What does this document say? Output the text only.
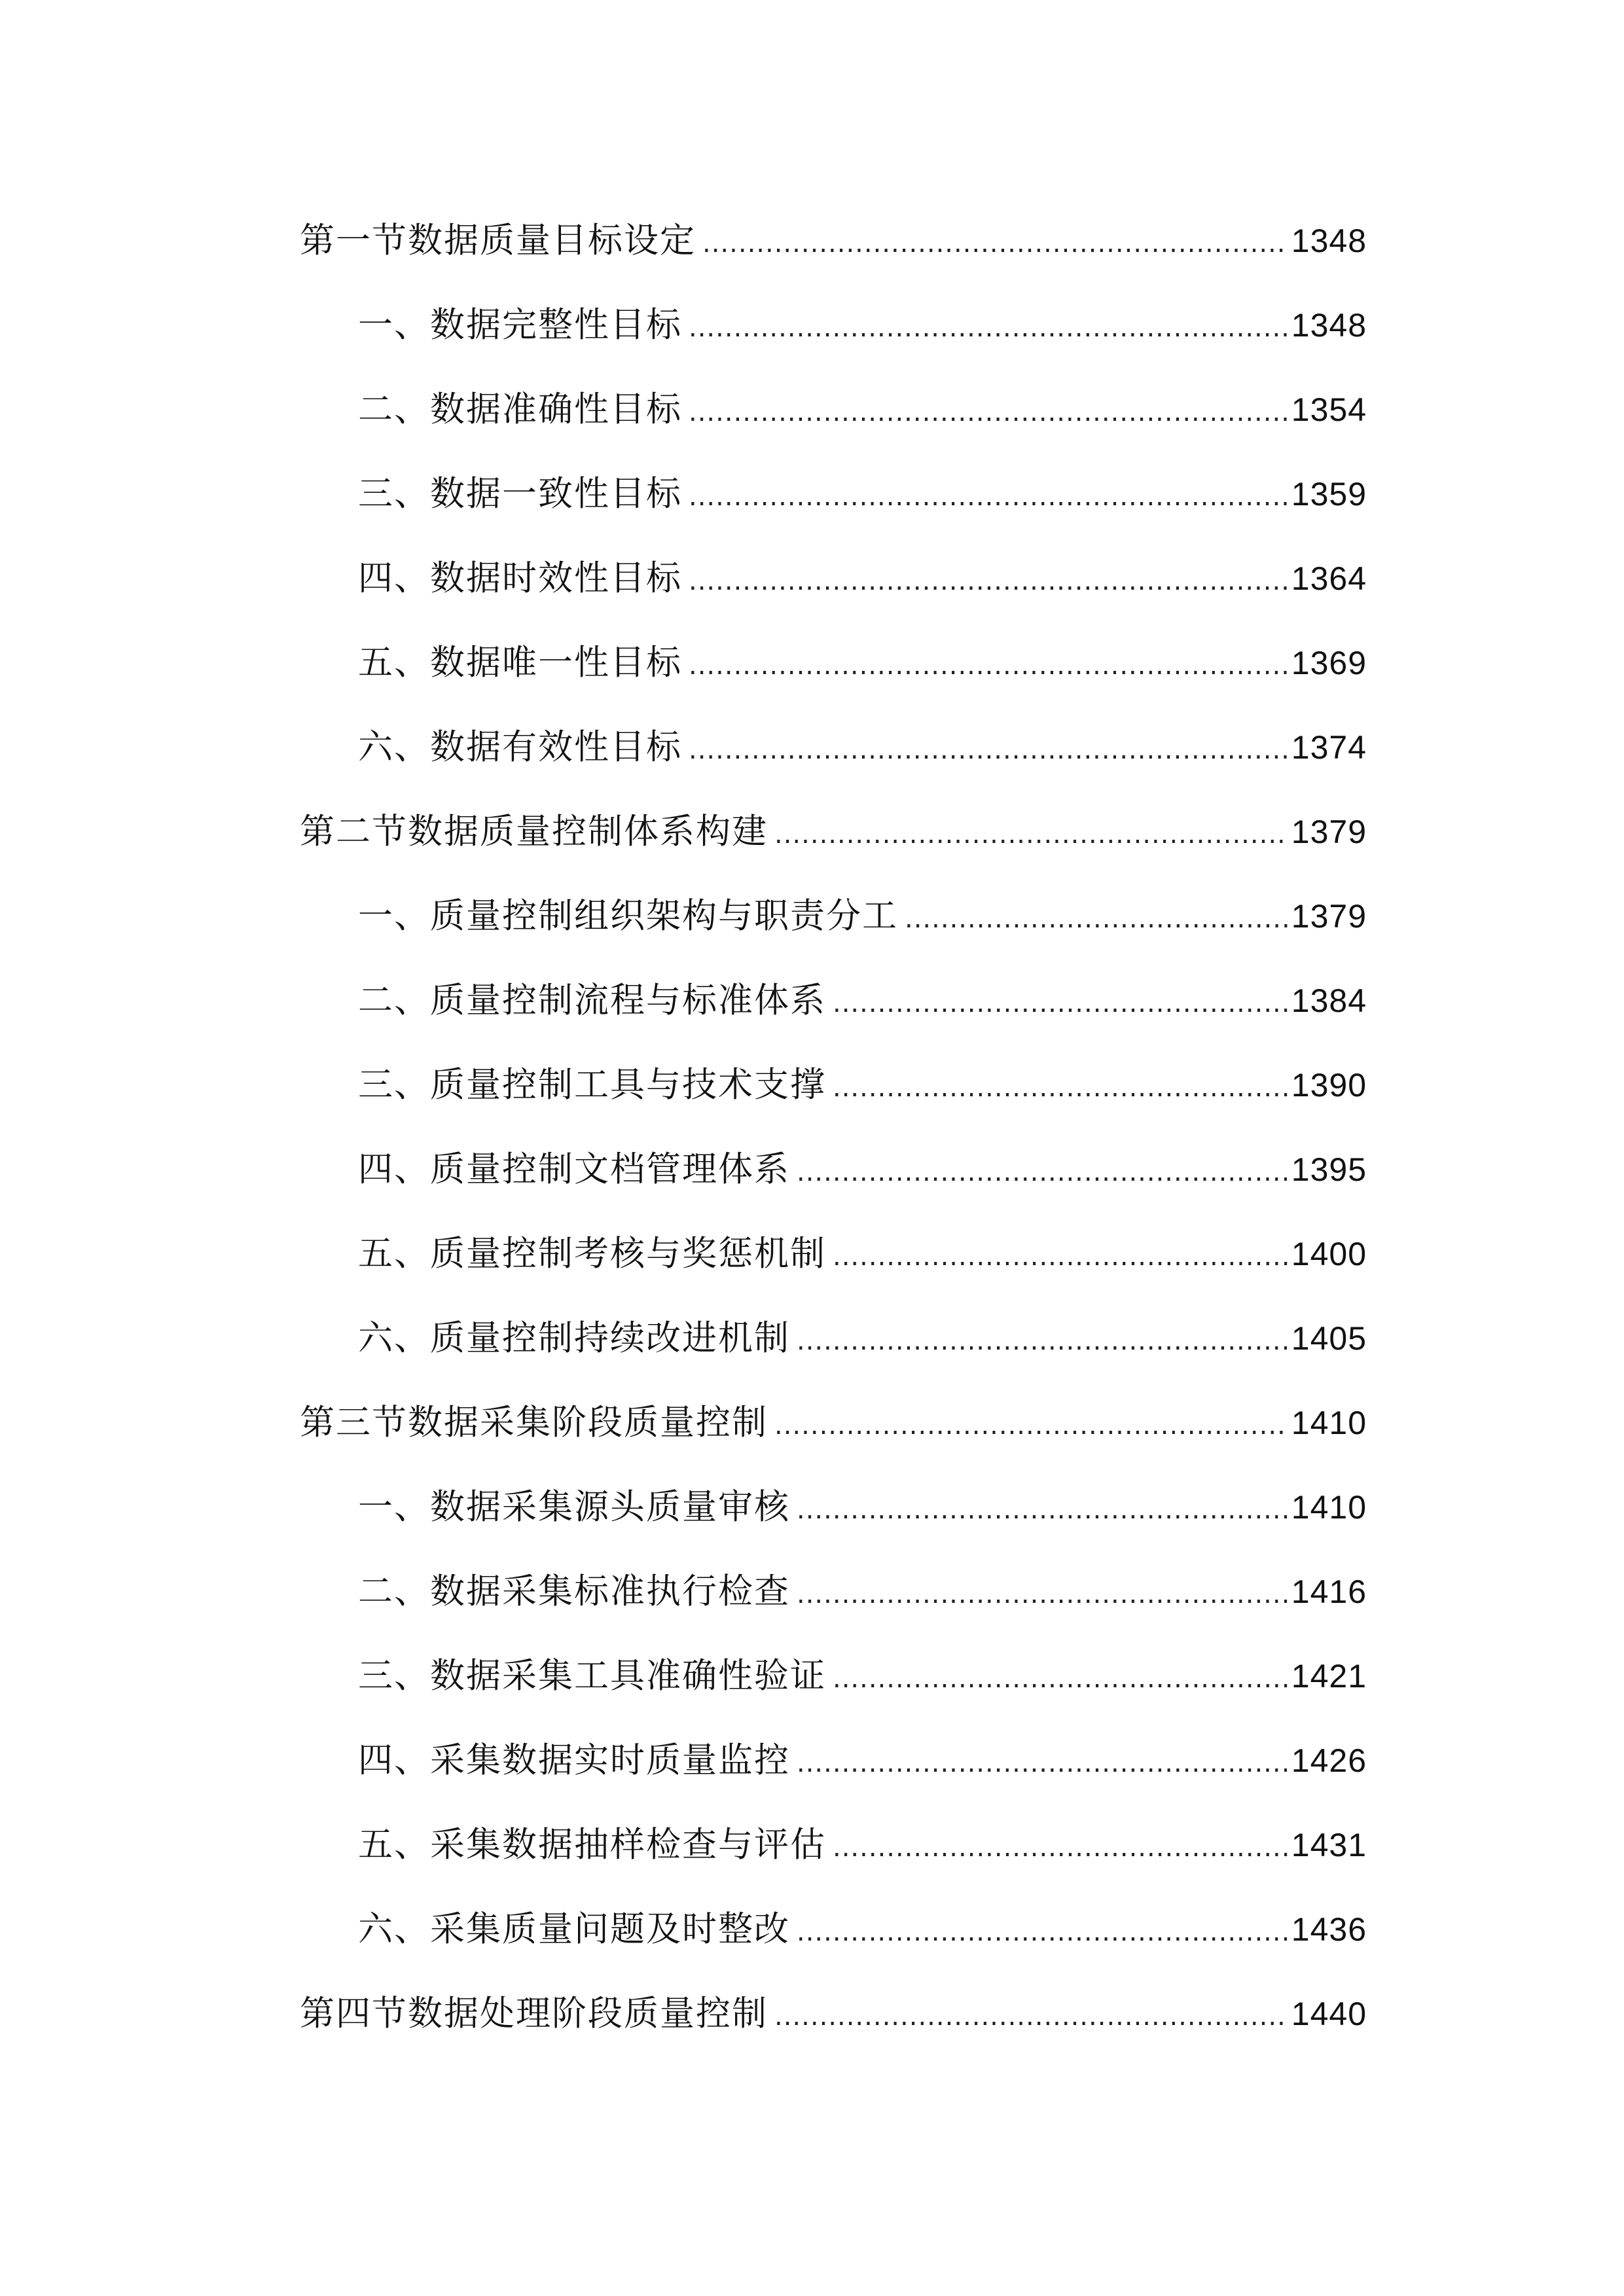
第一节数据质量目标设定 .....	1348
一、数据完整性目标 .....	1348
二、数据准确性目标 .....	1354
三、数据一致性目标 .....	1359
四、数据时效性目标 .....	1364
五、数据唯一性目标 .....	1369
六、数据有效性目标 .....	1374
第二节数据质量控制体系构建 .....	1379
一、质量控制组织架构与职责分工 .....	1379
二、质量控制流程与标准体系 .....	1384
三、质量控制工具与技术支撑 .....	1390
四、质量控制文档管理体系 .....	1395
五、质量控制考核与奖惩机制 .....	1400
六、质量控制持续改进机制 .....	1405
第三节数据采集阶段质量控制 .....	1410
一、数据采集源头质量审核 .....	1410
二、数据采集标准执行检查 .....	1416
三、数据采集工具准确性验证 .....	1421
四、采集数据实时质量监控 .....	1426
五、采集数据抽样检查与评估 .....	1431
六、采集质量问题及时整改 .....	1436
第四节数据处理阶段质量控制 .....	1440
